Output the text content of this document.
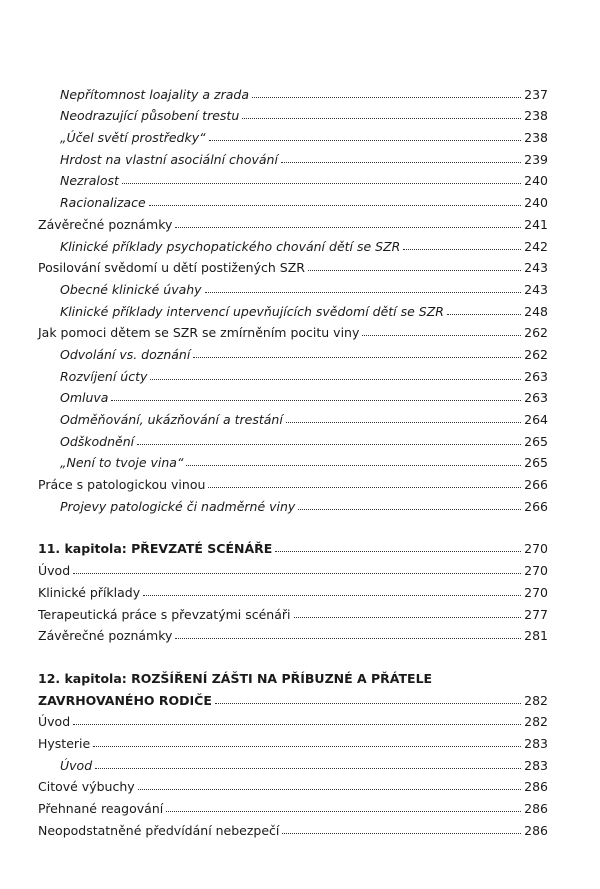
Nepřítomnost loajality a zrada	237
Neodrazující působení trestu	238
„Účel světí prostředky“	238
Hrdost na vlastní asociální chování	239
Nezralost	240
Racionalizace	240
Závěrečné poznámky	241
Klinické příklady psychopatického chování dětí se SZR	242
Posilování svědomí u dětí postižených SZR	243
Obecné klinické úvahy	243
Klinické příklady intervencí upevňujících svědomí dětí se SZR	248
Jak pomoci dětem se SZR se zmírněním pocitu viny	262
Odvolání vs. doznání	262
Rozvíjení úcty	263
Omluva	263
Odměňování, ukázňování a trestání	264
Odškodnění	265
„Není to tvoje vina“	265
Práce s patologickou vinou	266
Projevy patologické či nadměrné viny	266
11. kapitola: PŘEVZATÉ SCÉNÁŘE	270
Úvod	270
Klinické příklady	270
Terapeutická práce s převzatými scénáři	277
Závěrečné poznámky	281
12. kapitola: ROZŠÍŘENÍ ZÁŠTI NA PŘÍBUZNÉ A PŘÁTELE
ZAVRHOVANÉHO RODIČE	282
Úvod	282
Hysterie	283
Úvod	283
Citové výbuchy	286
Přehnané reagování	286
Neopodstatněné předvídání nebezpečí	286
